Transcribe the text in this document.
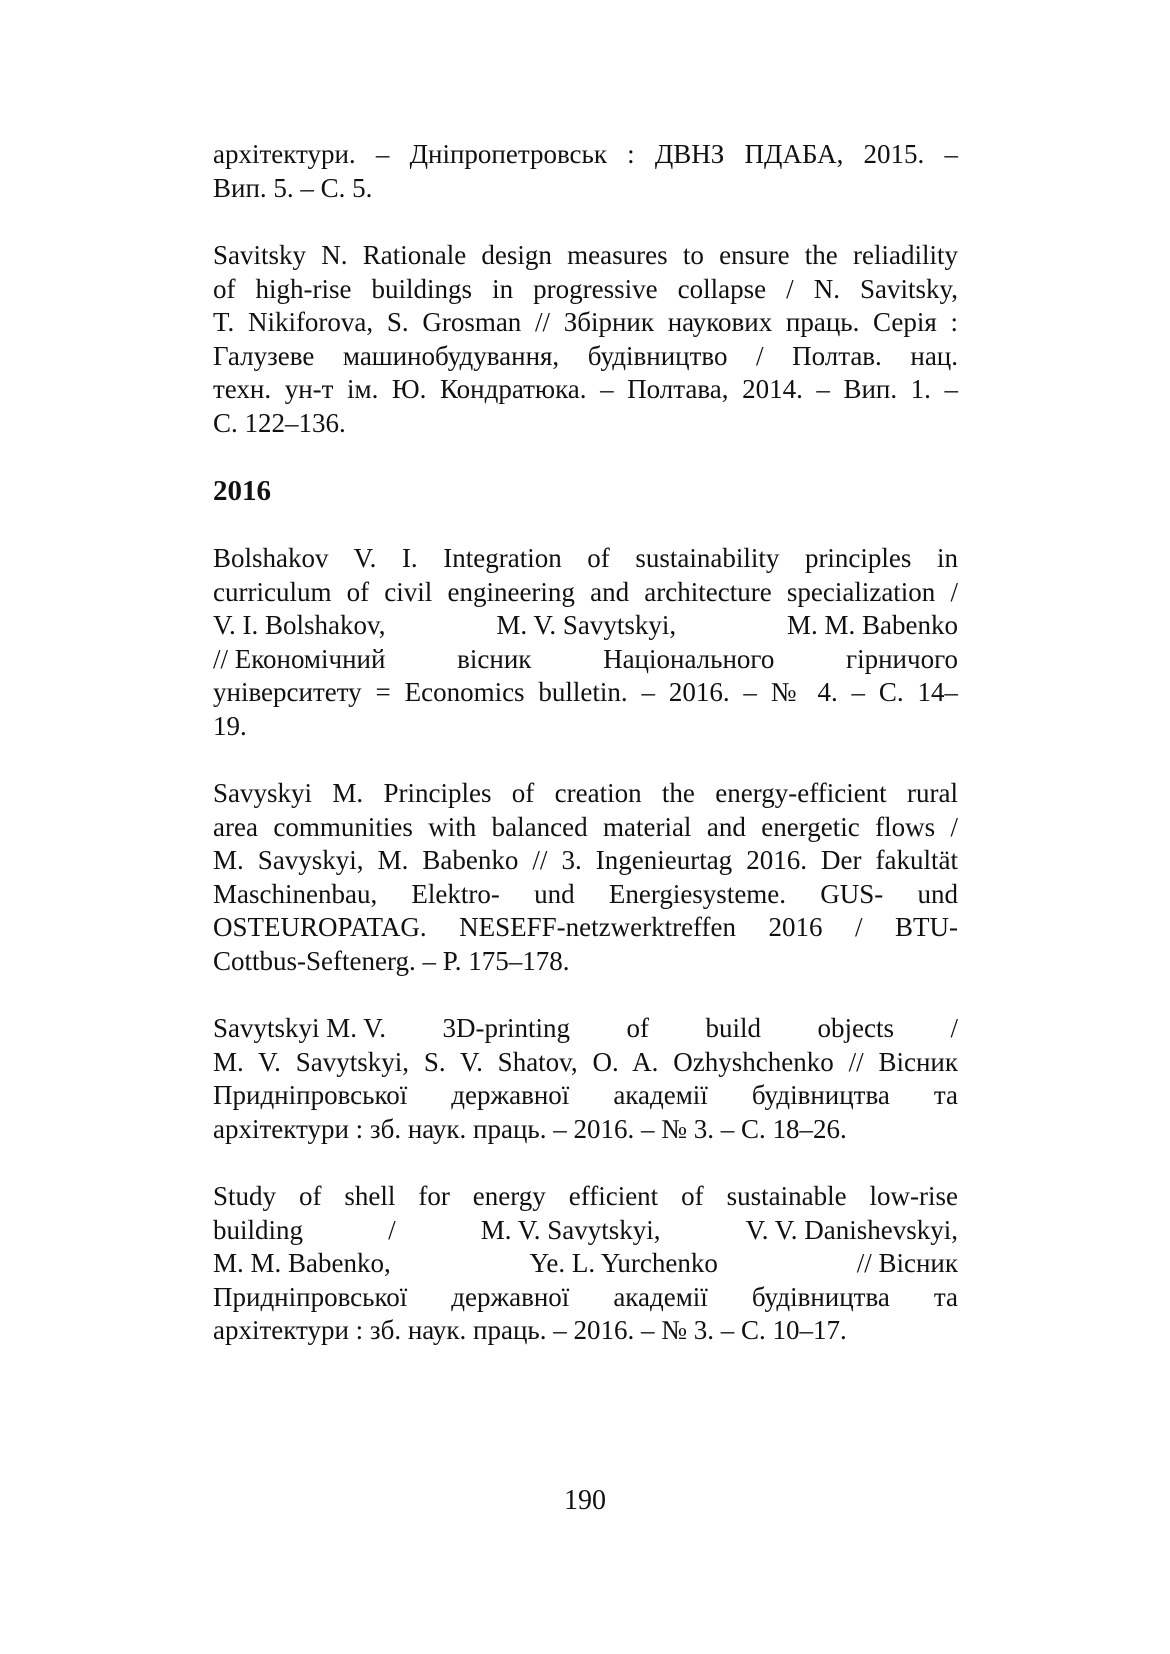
архітектури. – Дніпропетровськ : ДВНЗ ПДАБА, 2015. –
Вип. 5. – С. 5.

Savitsky N. Rationale design measures to ensure the reliadility
of high-rise buildings in progressive collapse / N. Savitsky,
T. Nikiforova, S. Grosman // Збірник наукових праць. Серія :
Галузеве машинобудування, будівництво / Полтав. нац.
техн. ун-т ім. Ю. Кондратюка. – Полтава, 2014. – Вип. 1. –
С. 122–136.

2016

Bolshakov V. I. Integration of sustainability principles in
curriculum of civil engineering and architecture specialization /
V. I. Bolshakov,	M. V. Savytskyi,	M. M. Babenko
// Економічний	вісник	Національного	гірничого
університету = Economics bulletin. – 2016. – № 4. – С. 14–
19.

Savyskyi M. Principles of creation the energy-efficient rural
area communities with balanced material and energetic flows /
M. Savyskyi, M. Babenko // 3. Ingenieurtag 2016. Der fakultät
Maschinenbau, Elektro- und Energiesysteme. GUS- und
OSTEUROPATAG. NESEFF-netzwerktreffen 2016 / BTU-
Cottbus-Seftenerg. – P. 175–178.

Savytskyi M. V. 3D-printing of build objects /
M. V. Savytskyi, S. V. Shatov, O. A. Ozhyshchenko // Вісник
Придніпровської державної академії будівництва та
архітектури : зб. наук. праць. – 2016. – № 3. – С. 18–26.

Study of shell for energy efficient of sustainable low-rise
building	/	M. V. Savytskyi,	V. V. Danishevskyi,
M. M. Babenko,	Ye. L. Yurchenko	// Вісник
Придніпровської державної академії будівництва та
архітектури : зб. наук. праць. – 2016. – № 3. – С. 10–17.

190
